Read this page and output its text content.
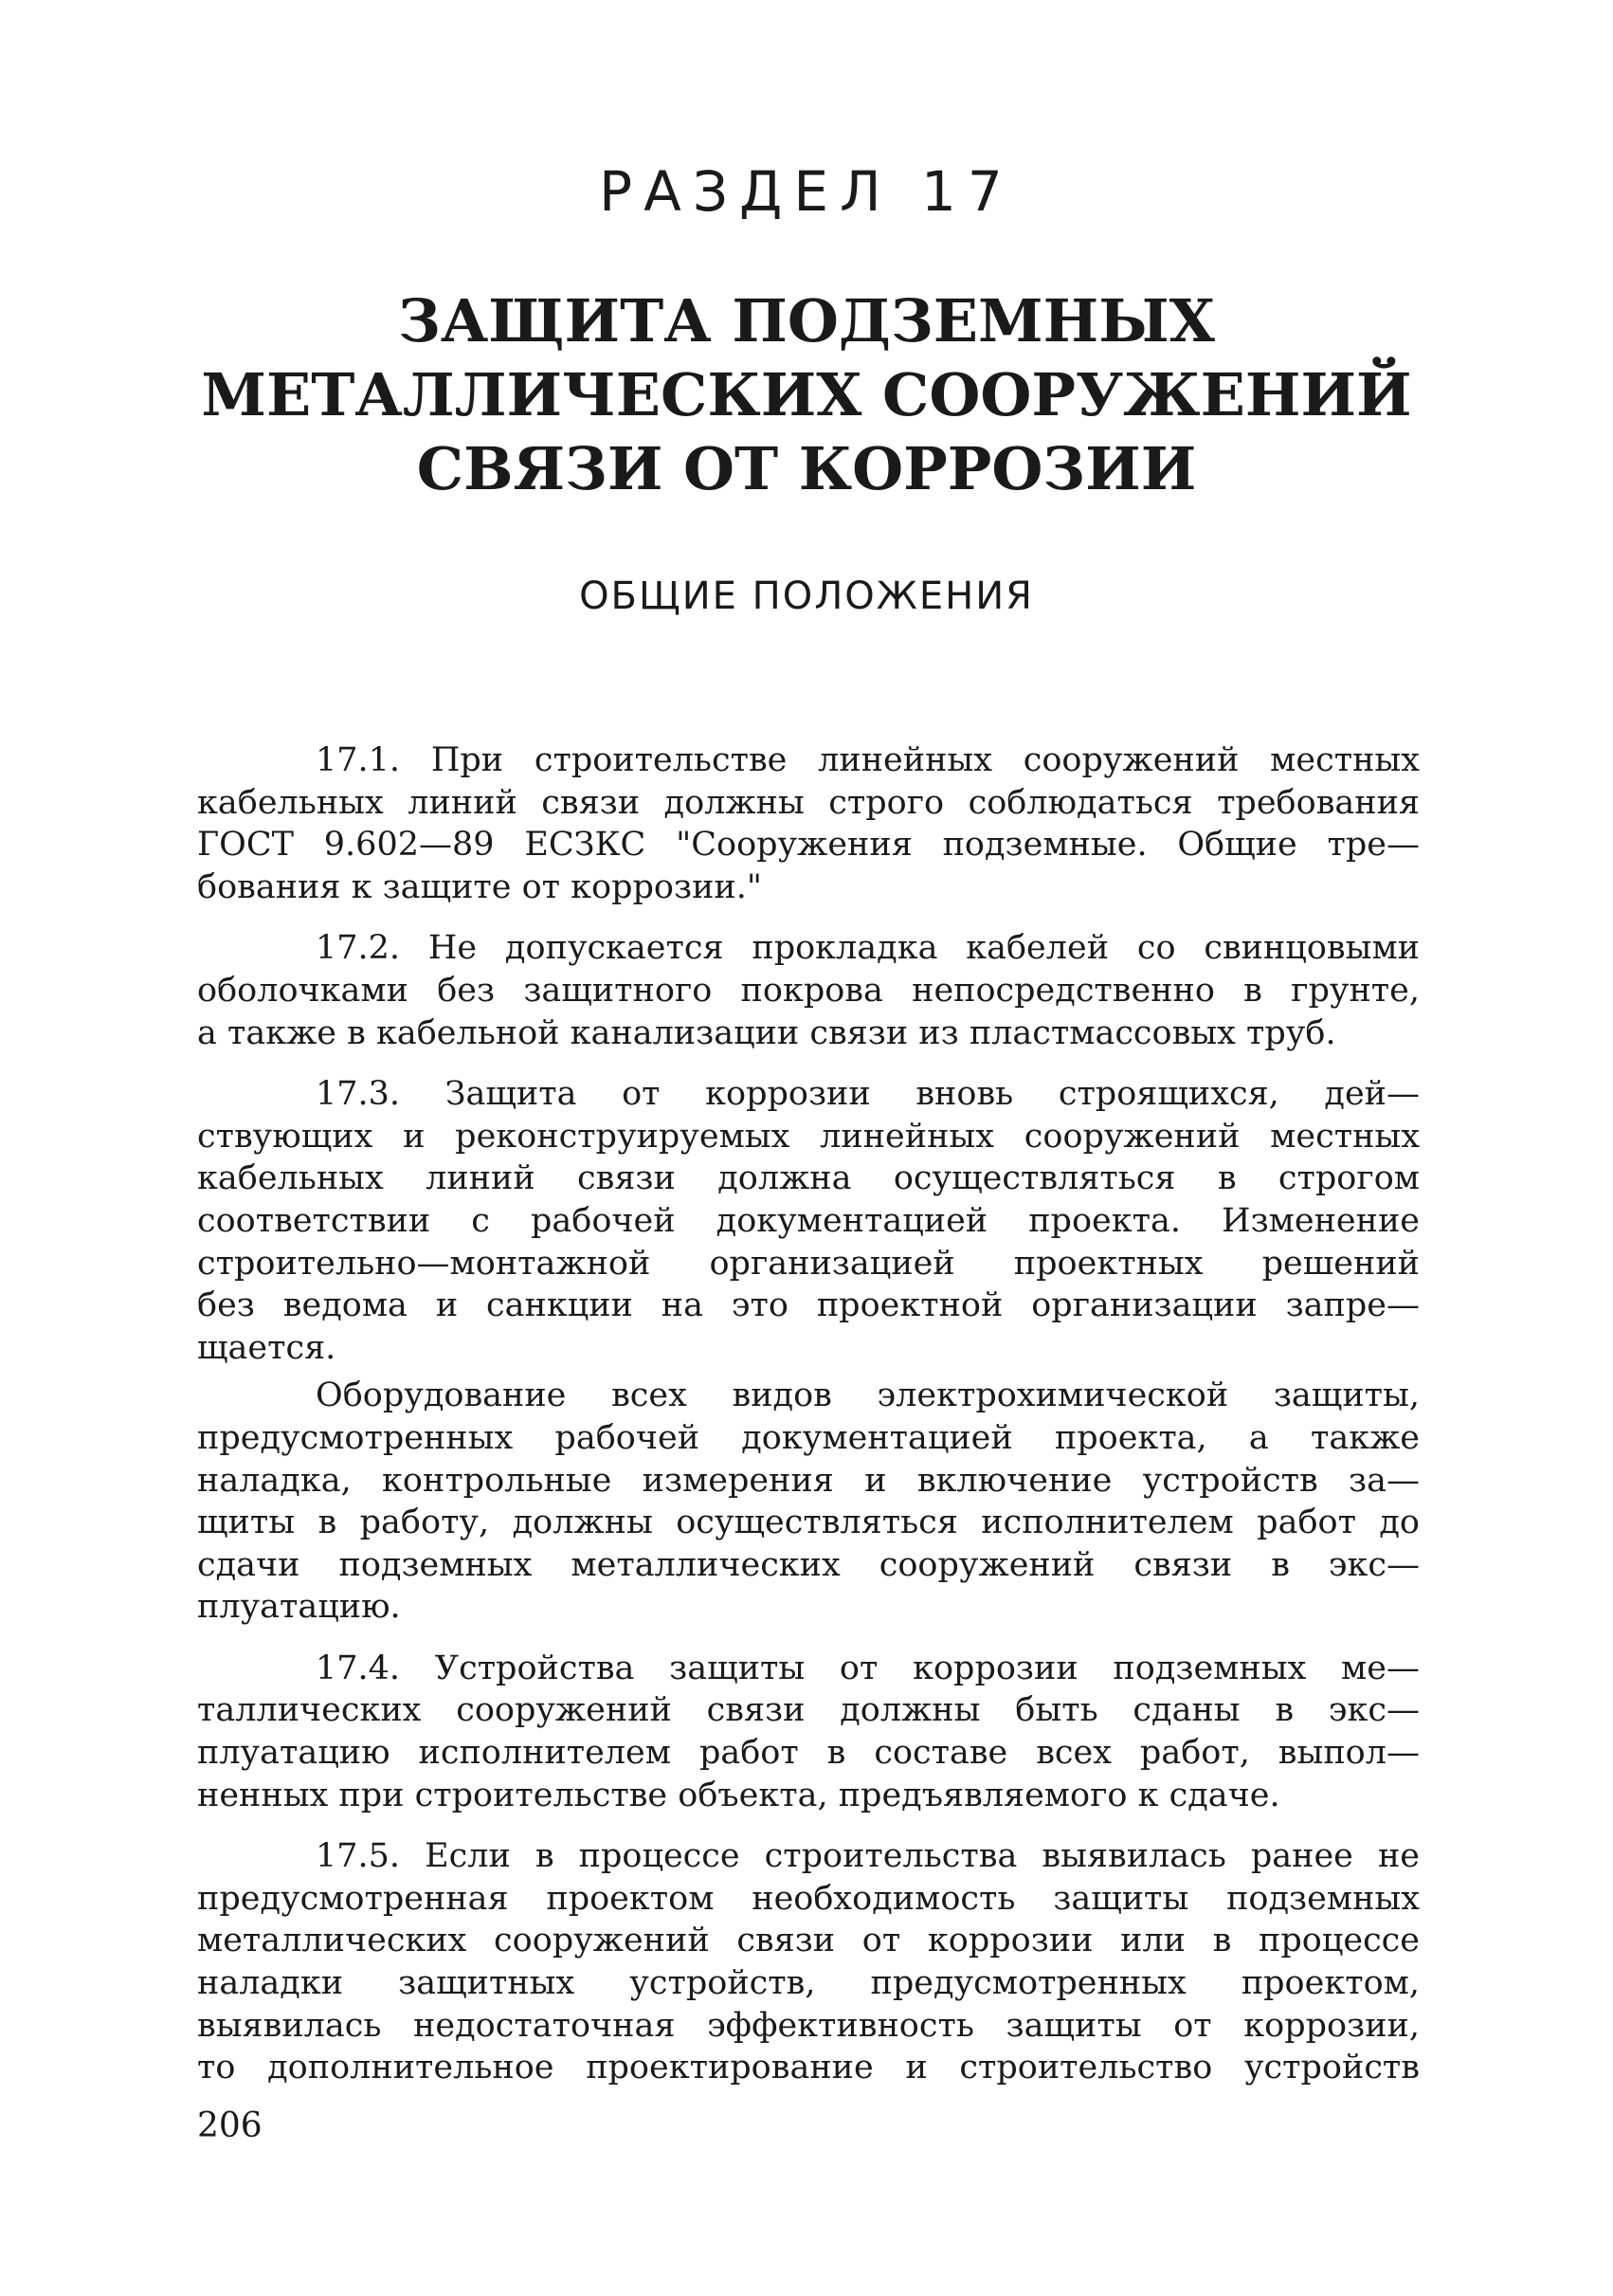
РАЗДЕЛ 17
ЗАЩИТА ПОДЗЕМНЫХ
МЕТАЛЛИЧЕСКИХ СООРУЖЕНИЙ
СВЯЗИ ОТ КОРРОЗИИ
ОБЩИЕ ПОЛОЖЕНИЯ
17.1. При строительстве линейных сооружений местных
кабельных линий связи должны строго соблюдаться требования
ГОСТ 9.602—89 ЕСЗКС "Сооружения подземные. Общие тре—
бования к защите от коррозии."
17.2. Не допускается прокладка кабелей со свинцовыми
оболочками без защитного покрова непосредственно в грунте,
а также в кабельной канализации связи из пластмассовых труб.
17.3. Защита от коррозии вновь строящихся, дей—
ствующих и реконструируемых линейных сооружений местных
кабельных линий связи должна осуществляться в строгом
соответствии с рабочей документацией проекта. Изменение
строительно—монтажной организацией проектных решений
без ведома и санкции на это проектной организации запре—
щается.
Оборудование всех видов электрохимической защиты,
предусмотренных рабочей документацией проекта, а также
наладка, контрольные измерения и включение устройств за—
щиты в работу, должны осуществляться исполнителем работ до
сдачи подземных металлических сооружений связи в экс—
плуатацию.
17.4. Устройства защиты от коррозии подземных ме—
таллических сооружений связи должны быть сданы в экс—
плуатацию исполнителем работ в составе всех работ, выпол—
ненных при строительстве объекта, предъявляемого к сдаче.
17.5. Если в процессе строительства выявилась ранее не
предусмотренная проектом необходимость защиты подземных
металлических сооружений связи от коррозии или в процессе
наладки защитных устройств, предусмотренных проектом,
выявилась недостаточная эффективность защиты от коррозии,
то дополнительное проектирование и строительство устройств
206
